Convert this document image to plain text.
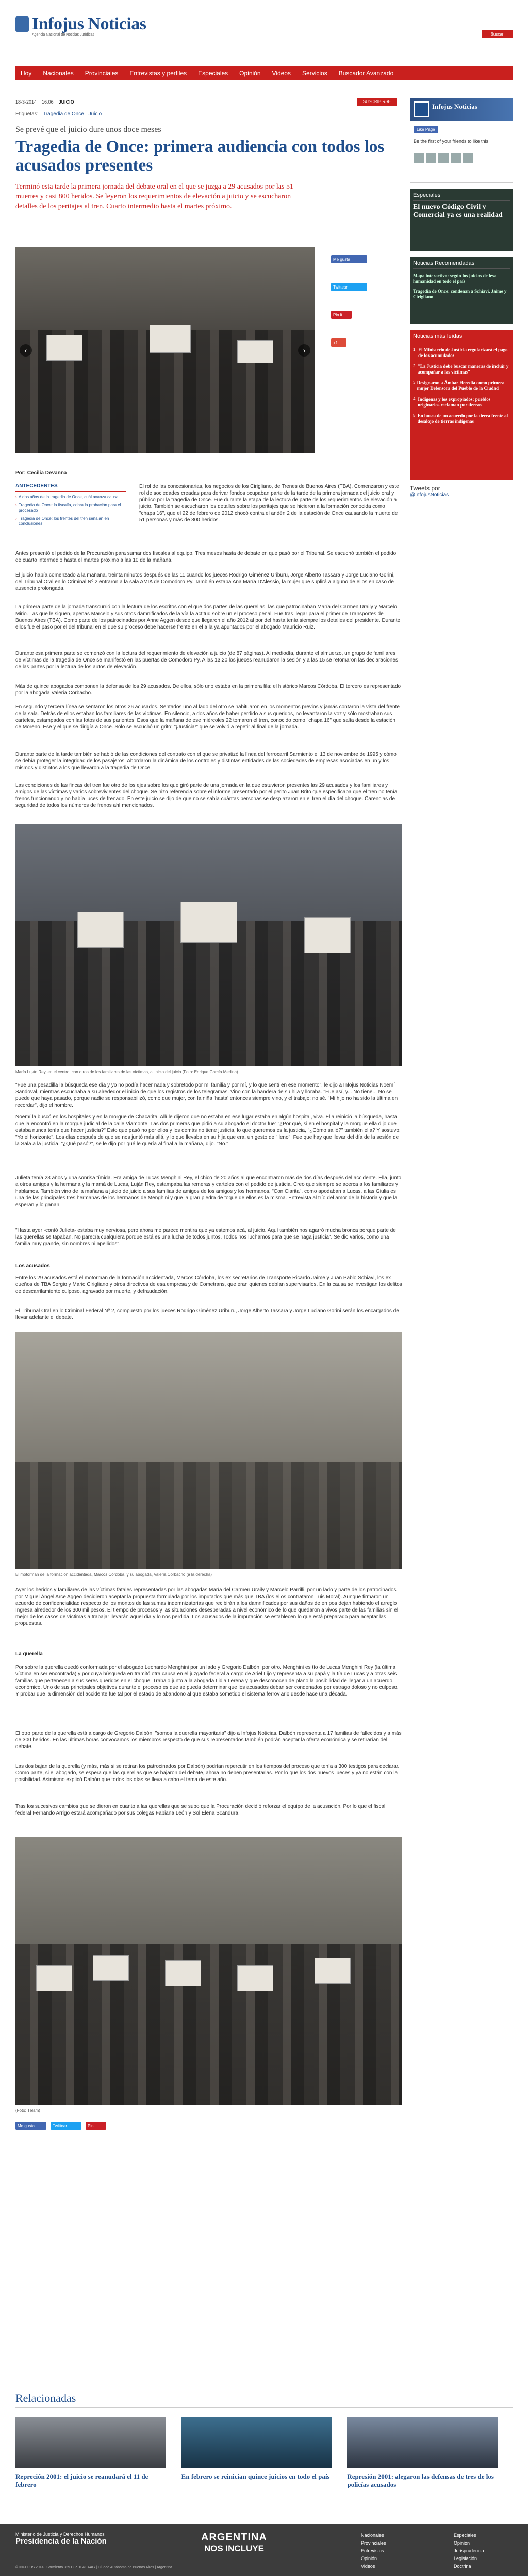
Infojus Noticias
Agencia Nacional de Noticias Jurídicas	Buscar
Hoy Nacionales Provinciales Entrevistas y perfiles Especiales Opinión Videos Servicios Buscador Avanzado
18-3-2014 16:06 JUICIO	SUSCRIBIRSE
Etiquetas: Tragedia de Once Juicio
Se prevé que el juicio dure unos doce meses
Tragedia de Once: primera audiencia con todos los acusados presentes
Terminó esta tarde la primera jornada del debate oral en el que se juzga a 29 acusados por las 51 muertes y casi 800 heridos. Se leyeron los requerimientos de elevación a juicio y se escucharon detalles de los peritajes al tren. Cuarto intermedio hasta el martes próximo.
‹	›
Me gusta
Twittear
Pin it
+1
Por: Cecilia Devanna
ANTECEDENTES
› A dos años de la tragedia de Once, cuál avanza causa
› Tragedia de Once: la fiscalía, cobra la probación para el procesado
› Tragedia de Once: los frentes del tren señalan en conclusiones
El rol de las concesionarias, los negocios de los Cirigliano, de Trenes de Buenos Aires (TBA). Comenzaron y este rol de sociedades creadas para derivar fondos ocupaban parte de la tarde de la primera jornada del juicio oral y público por la tragedia de Once. Fue durante la etapa de la lectura de parte de los requerimientos de elevación a juicio. También se escucharon los detalles sobre los peritajes que se hicieron a la formación conocida como "chapa 16", que el 22 de febrero de 2012 chocó contra el andén 2 de la estación de Once causando la muerte de 51 personas y más de 800 heridos.
Antes presentó el pedido de la Procuración para sumar dos fiscales al equipo. Tres meses hasta de debate en que pasó por el Tribunal. Se escuchó también el pedido de cuarto intermedio hasta el martes próximo a las 10 de la mañana.
El juicio había comenzado a la mañana, treinta minutos después de las 11 cuando los jueces Rodrigo Giménez Uriburu, Jorge Alberto Tassara y Jorge Luciano Gorini, del Tribunal Oral en lo Criminal Nº 2 entraron a la sala AMIA de Comodoro Py. También estaba Ana María D'Alessio, la mujer que suplirá a alguno de ellos en caso de ausencia prolongada.
La primera parte de la jornada transcurrió con la lectura de los escritos con el que dos partes de las querellas: las que patrocinaban María del Carmen Uraily y Marcelo Mirio. Las que le siguen, apenas Marcelo y sus otros damnificados de la vía la actitud sobre un el proceso penal. Fue tras llegar para el primer de Transportes de Buenos Aires (TBA). Como parte de los patrocinados por Anne Aggen desde que llegaron el año 2012 al por del hasta tenía siempre los detalles del presidente. Durante ellos fue el paso por el del tribunal en el que su proceso debe hacerse frente en el a la ya apuntados por el abogado Mauricio Ruiz.
Durante esa primera parte se comenzó con la lectura del requerimiento de elevación a juicio (de 87 páginas). Al mediodía, durante el almuerzo, un grupo de familiares de víctimas de la tragedia de Once se manifestó en las puertas de Comodoro Py. A las 13.20 los jueces reanudaron la sesión y a las 15 se retomaron las declaraciones de las partes por la lectura de los autos de elevación.
Más de quince abogados componen la defensa de los 29 acusados. De ellos, sólo uno estaba en la primera fila: el histórico Marcos Córdoba. El tercero es representado por la abogada Valeria Corbacho.
En segundo y tercera línea se sentaron los otros 26 acusados. Sentados uno al lado del otro se habituaron en los momentos previos y jamás contaron la vista del frente de la sala. Detrás de ellos estaban los familiares de las víctimas. En silencio, a dos años de haber perdido a sus queridos, no levantaron la voz y sólo mostraban sus carteles, estampados con las fotos de sus parientes. Esos que la mañana de ese miércoles 22 tomaron el tren, conocido como "chapa 16" que salía desde la estación de Moreno. Ese y el que se dirigía a Once. Sólo se escuchó un grito: "¡Justicia!" que se volvió a repetir al final de la jornada.
Durante parte de la tarde también se habló de las condiciones del contrato con el que se privatizó la línea del ferrocarril Sarmiento el 13 de noviembre de 1995 y cómo se debía proteger la integridad de los pasajeros. Abordaron la dinámica de los controles y distintas entidades de las sociedades de empresas asociadas en un y los mismos y distintos a los que llevaron a la tragedia de Once.
Las condiciones de las fincas del tren fue otro de los ejes sobre los que giró parte de una jornada en la que estuvieron presentes las 29 acusados y los familiares y amigos de las víctimas y varios sobrevivientes del choque. Se hizo referencia sobre el informe presentado por el perito Juan Brito que especificaba que el tren no tenía frenos funcionando y no había luces de frenado. En este juicio se dijo de que no se sabía cuántas personas se desplazaron en el tren el día del choque. Carencias de seguridad de todos los números de frenos ahí mencionados.
María Luján Rey, en el centro, con otros de los familiares de las víctimas, al inicio del juicio (Foto: Enrique García Medina)
"Fue una pesadilla la búsqueda ese día y yo no podía hacer nada y sobretodo por mi familia y por mí, y lo que sentí en ese momento", le dijo a Infojus Noticias Noemí Sandoval, mientras escuchaba a su alrededor el inicio de que los registros de los telegramas. Vino con la bandera de su hija y lloraba. "Fue así, y... No tiene... No se puede que haya pasado, porque nadie se responsabilizó, como que mujer, con la niña 'hasta' entonces siempre vino, y el trabajo: no sé. "Mi hijo no ha sido la última en recordar", dijo el hombre.
Noemí la buscó en los hospitales y en la morgue de Chacarita. Allí le dijeron que no estaba en ese lugar estaba en algún hospital, viva. Ella reinició la búsqueda, hasta que la encontró en la morgue judicial de la calle Viamonte. Las dos primeras que pidió a su abogado el doctor fue: "¿Por qué, si en el hospital y la morgue ella dijo que estaba nunca tenía que hacer justicia?" Esto que pasó no por ellos y los demás no tiene justicia, lo que queremos es la justicia, "¿Cómo salió?" también ella? Y sostuvo: "Yo el horizonte". Los días después de que se nos juntó más allá, y lo que llevaba en su hija que era, un gesto de "lleno". Fue que hay que llevar del día de la sesión de la Sala a la justicia. "¿Qué pasó?", se le dijo por qué le quería al final a la mañana, dijo. "No."
Julieta tenía 23 años y una sonrisa tímida. Era amiga de Lucas Menghini Rey, el chico de 20 años al que encontraron más de dos días después del accidente. Ella, junto a otros amigos y la hermana y la mamá de Lucas, Luján Rey, estampaba las remeras y carteles con el pedido de justicia. Creo que siempre se acerca a los familiares y hablamos. También vino de la mañana a juicio de juicio a sus familias de amigos de los amigos y los hermanos. "Con Clarita", como apodaban a Lucas, a las Giulia es una de las principales tres hermanas de los hermanos de Menghini y que la gran piedra de toque de ellos es la misma. Entrevista al trío del amor de la historia y que la esperan y lo ganan.
"Hasta ayer -contó Julieta- estaba muy nerviosa, pero ahora me parece mentira que ya estemos acá, al juicio. Aquí también nos agarró mucha bronca porque parte de las querellas se tapaban. No parecía cualquiera porque está es una lucha de todos juntos. Todos nos luchamos para que se haga justicia". Se dio varios, como una familia muy grande, sin nombres ni apellidos".
Los acusados
Entre los 29 acusados está el motorman de la formación accidentada, Marcos Córdoba, los ex secretarios de Transporte Ricardo Jaime y Juan Pablo Schiavi, los ex dueños de TBA Sergio y Mario Cirigliano y otros directivos de esa empresa y de Cometrans, que eran quienes debían supervisarlos. En la causa se investigan los delitos de descarrilamiento culposo, agravado por muerte, y defraudación.
El Tribunal Oral en lo Criminal Federal Nº 2, compuesto por los jueces Rodrigo Giménez Uriburu, Jorge Alberto Tassara y Jorge Luciano Gorini serán los encargados de llevar adelante el debate.
El motorman de la formación accidentada, Marcos Córdoba, y su abogada, Valeria Corbacho (a la derecha)
Ayer los heridos y familiares de las víctimas fatales representadas por las abogadas María del Carmen Uraily y Marcelo Parrilli, por un lado y parte de los patrocinados por Miguel Ángel Arce Aggeo decidieron aceptar la propuesta formulada por los imputados que más que TBA (los ellos contrataron Luis Moral). Aunque firmaron un acuerdo de confidencialidad respecto de los montos de las sumas indemnizatorias que recibirán a los damnificados por sus daños de en pos dejan habiendo el arreglo Ingresa alrededor de los 300 mil pesos. El tiempo de procesos y las situaciones desesperadas a nivel económico de lo que quedaron a vivos parte de las familias sin el mejor de los casos de víctimas a trabajar llevarán aquel día y lo nos perdida. Los acusados de la imputación se establecen lo que está preparado para aceptar las propuestas.
La querella
Por sobre la querella quedó conformada por el abogado Leonardo Menghini por un lado y Gregorio Dalbón, por otro. Menghini es tío de Lucas Menghini Rey (la última víctima en ser encontrada) y por cuya búsqueda en tramitó otra causa en el juzgado federal a cargo de Ariel Lijo y representa a su papá y la tía de Lucas y a otras seis familias que pertenecen a sus seres queridos en el choque. Trabajo junto a la abogada Lidia Lerena y que desconocen de plano la posibilidad de llegar a un acuerdo económico. Uno de sus principales objetivos durante el proceso es que se pueda determinar que los acusados deban ser condenados por estrago doloso y no culposo. Y probar que la dimensión del accidente fue tal por el estado de abandono al que estaba sometido el sistema ferroviario desde hace una década.
El otro parte de la querella está a cargo de Gregorio Dalbón, "somos la querella mayoritaria" dijo a Infojus Noticias. Dalbón representa a 17 familias de fallecidos y a más de 300 heridos. En las últimas horas convocamos los miembros respecto de que sus representados también podrán aceptar la oferta económica y se retirarían del debate.
Las dos bajan de la querella (y más, más si se retiran los patrocinados por Dalbón) podrían repercutir en los tiempos del proceso que tenía a 300 testigos para declarar. Como parte, si el abogado, se espera que las querellas que se bajaron del debate, ahora no deben presentarlas. Por lo que los dos nuevos jueces y ya no están con la posibilidad. Asimismo explicó Dalbón que todos los días se lleva a cabo el tema de este año.
Tras los sucesivos cambios que se dieron en cuanto a las querellas que se supo que la Procuración decidió reforzar el equipo de la acusación. Por lo que el fiscal federal Fernando Arrigo estará acompañado por sus colegas Fabiana León y Sol Elena Scandura.
(Foto: Télam)
Me gusta	Twittear	Pin it
Infojus Noticias
Like Page
Be the first of your friends to like this
Especiales
El nuevo Código Civil y Comercial ya es una realidad
Noticias Recomendadas
Mapa interactivo: según los juicios de lesa humanidad en todo el país
Tragedia de Once: condenan a Schiavi, Jaime y Cirigliano
Noticias más leídas
1 El Ministerio de Justicia regularizará el pago de los acumulados
2 "La Justicia debe buscar maneras de incluir y acompañar a las víctimas"
3 Designaron a Ámbar Heredia como primera mujer Defensora del Pueblo de la Ciudad
4 Indígenas y los expropiados: pueblos originarios reclaman por tierras
5 En busca de un acuerdo por la tierra frente al desalojo de tierras indígenas
Tweets por
@InfojusNoticias
Relacionadas
Repreción 2001: el juicio se reanudará el 11 de febrero
En febrero se reinician quince juicios en todo el país	Represión 2001: alegaron las defensas de tres de los policías acusados
Ministerio de Justicia y Derechos Humanos
Presidencia de la Nación	ARGENTINA
NOS INCLUYE
Nacionales
Provinciales
Entrevistas
Opinión
Videos
Especiales
Opinión
Jurisprudencia
Legislación
Doctrina
© INFOJUS 2014 | Sarmiento 329 C.P. 1041 AAG | Ciudad Autónoma de Buenos Aires | Argentina
